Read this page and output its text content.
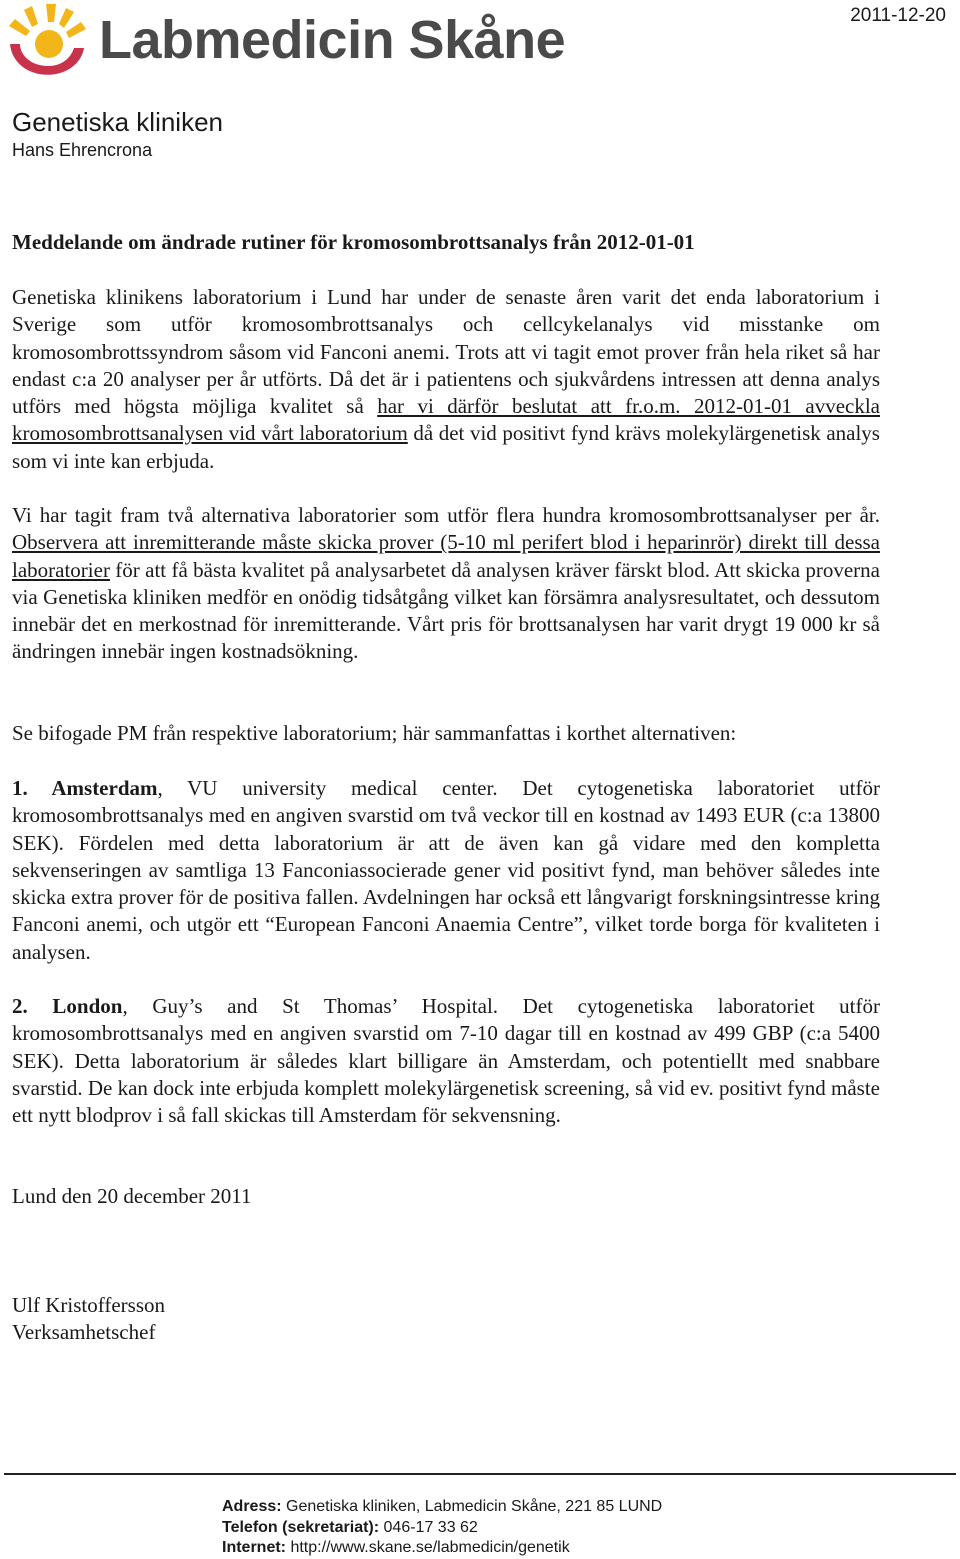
Labmedicin Skåne	2011-12-20
Genetiska kliniken
Hans Ehrencrona
Meddelande om ändrade rutiner för kromosombrottsanalys från 2012-01-01

Genetiska klinikens laboratorium i Lund har under de senaste åren varit det enda laboratorium i Sverige som utför kromosombrottsanalys och cellcykelanalys vid misstanke om kromosombrottssyndrom såsom vid Fanconi anemi. Trots att vi tagit emot prover från hela riket så har endast c:a 20 analyser per år utförts. Då det är i patientens och sjukvårdens intressen att denna analys utförs med högsta möjliga kvalitet så har vi därför beslutat att fr.o.m. 2012-01-01 avveckla kromosombrottsanalysen vid vårt laboratorium då det vid positivt fynd krävs molekylärgenetisk analys som vi inte kan erbjuda.

Vi har tagit fram två alternativa laboratorier som utför flera hundra kromosombrottsanalyser per år. Observera att inremitterande måste skicka prover (5-10 ml perifert blod i heparinrör) direkt till dessa laboratorier för att få bästa kvalitet på analysarbetet då analysen kräver färskt blod. Att skicka proverna via Genetiska kliniken medför en onödig tidsåtgång vilket kan försämra analysresultatet, och dessutom innebär det en merkostnad för inremitterande. Vårt pris för brottsanalysen har varit drygt 19 000 kr så ändringen innebär ingen kostnadsökning.

Se bifogade PM från respektive laboratorium; här sammanfattas i korthet alternativen:

1. Amsterdam, VU university medical center. Det cytogenetiska laboratoriet utför kromosombrottsanalys med en angiven svarstid om två veckor till en kostnad av 1493 EUR (c:a 13800 SEK). Fördelen med detta laboratorium är att de även kan gå vidare med den kompletta sekvenseringen av samtliga 13 Fanconiassocierade gener vid positivt fynd, man behöver således inte skicka extra prover för de positiva fallen. Avdelningen har också ett långvarigt forskningsintresse kring Fanconi anemi, och utgör ett “European Fanconi Anaemia Centre”, vilket torde borga för kvaliteten i analysen.

2. London, Guy’s and St Thomas’ Hospital. Det cytogenetiska laboratoriet utför kromosombrottsanalys med en angiven svarstid om 7-10 dagar till en kostnad av 499 GBP (c:a 5400 SEK). Detta laboratorium är således klart billigare än Amsterdam, och potentiellt med snabbare svarstid. De kan dock inte erbjuda komplett molekylärgenetisk screening, så vid ev. positivt fynd måste ett nytt blodprov i så fall skickas till Amsterdam för sekvensning.

Lund den 20 december 2011
Ulf Kristoffersson
Verksamhetschef
Adress: Genetiska kliniken, Labmedicin Skåne, 221 85 LUND
Telefon (sekretariat): 046-17 33 62
Internet: http://www.skane.se/labmedicin/genetik
